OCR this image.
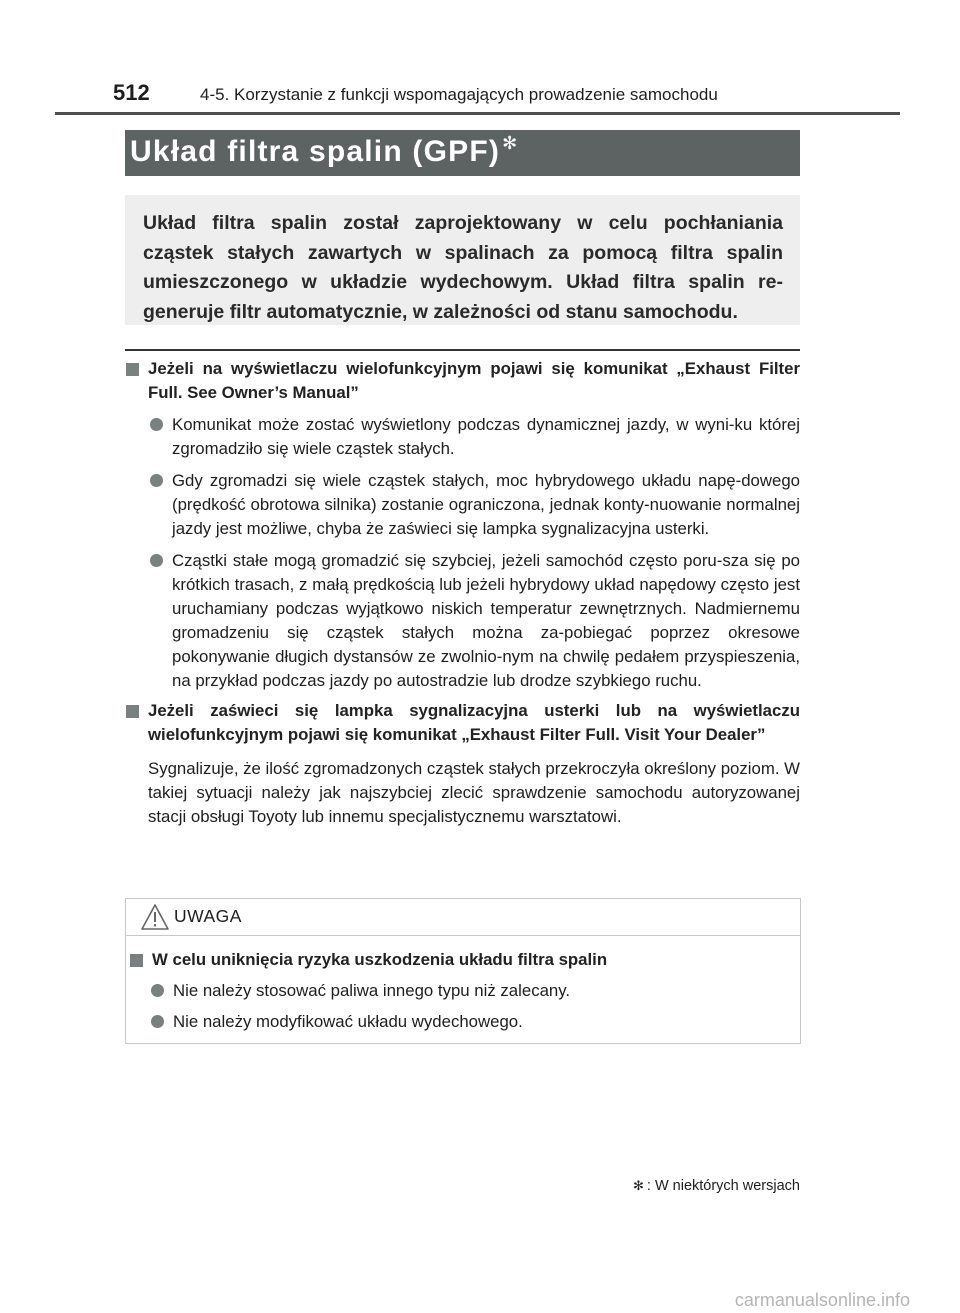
512	4-5. Korzystanie z funkcji wspomagających prowadzenie samochodu
Układ filtra spalin (GPF) ✻

Układ filtra spalin został zaprojektowany w celu pochłaniania cząstek stałych zawartych w spalinach za pomocą filtra spalin umieszczonego w układzie wydechowym. Układ filtra spalin re-generuje filtr automatycznie, w zależności od stanu samochodu.

Jeżeli na wyświetlaczu wielofunkcyjnym pojawi się komunikat „Exhaust Filter Full. See Owner’s Manual”

Komunikat może zostać wyświetlony podczas dynamicznej jazdy, w wyni-ku której zgromadziło się wiele cząstek stałych.

Gdy zgromadzi się wiele cząstek stałych, moc hybrydowego układu napę-dowego (prędkość obrotowa silnika) zostanie ograniczona, jednak konty-nuowanie normalnej jazdy jest możliwe, chyba że zaświeci się lampka sygnalizacyjna usterki.

Cząstki stałe mogą gromadzić się szybciej, jeżeli samochód często poru-sza się po krótkich trasach, z małą prędkością lub jeżeli hybrydowy układ napędowy często jest uruchamiany podczas wyjątkowo niskich temperatur zewnętrznych. Nadmiernemu gromadzeniu się cząstek stałych można za-pobiegać poprzez okresowe pokonywanie długich dystansów ze zwolnio-nym na chwilę pedałem przyspieszenia, na przykład podczas jazdy po autostradzie lub drodze szybkiego ruchu.

Jeżeli zaświeci się lampka sygnalizacyjna usterki lub na wyświetlaczu wielofunkcyjnym pojawi się komunikat „Exhaust Filter Full. Visit Your Dealer”

Sygnalizuje, że ilość zgromadzonych cząstek stałych przekroczyła określony poziom. W takiej sytuacji należy jak najszybciej zlecić sprawdzenie samochodu autoryzowanej stacji obsługi Toyoty lub innemu specjalistycznemu warsztatowi.

UWAGA

W celu uniknięcia ryzyka uszkodzenia układu filtra spalin

Nie należy stosować paliwa innego typu niż zalecany.

Nie należy modyfikować układu wydechowego.

✻ : W niektórych wersjach
carmanualsonline.info
